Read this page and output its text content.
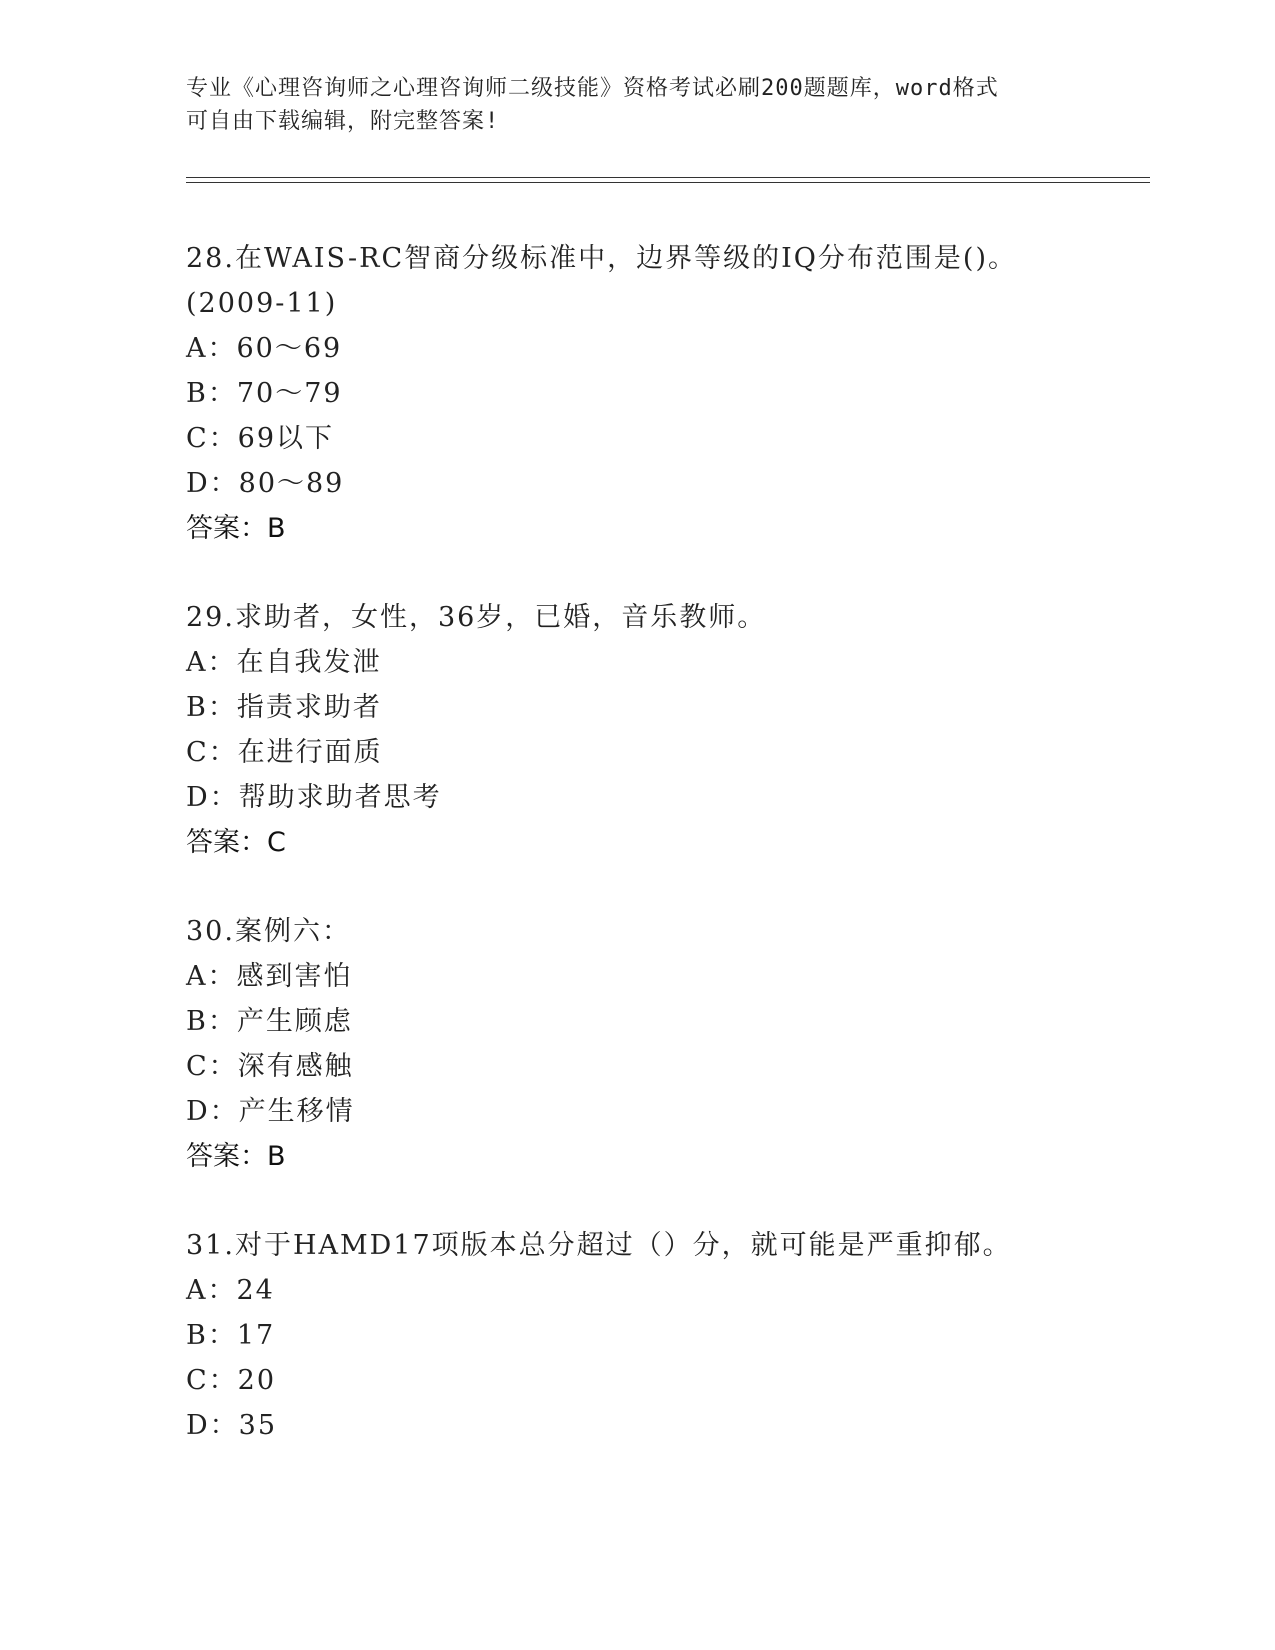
专业《心理咨询师之心理咨询师二级技能》资格考试必刷200题题库，word格式
可自由下载编辑，附完整答案!
28.在WAIS-RC智商分级标准中，边界等级的IQ分布范围是()。
(2009-11)
A：60～69
B：70～79
C：69以下
D：80～89
答案：B
29.求助者，女性，36岁，已婚，音乐教师。
A：在自我发泄
B：指责求助者
C：在进行面质
D：帮助求助者思考
答案：C
30.案例六：
A：感到害怕
B：产生顾虑
C：深有感触
D：产生移情
答案：B
31.对于HAMD17项版本总分超过（）分，就可能是严重抑郁。
A：24
B：17
C：20
D：35
